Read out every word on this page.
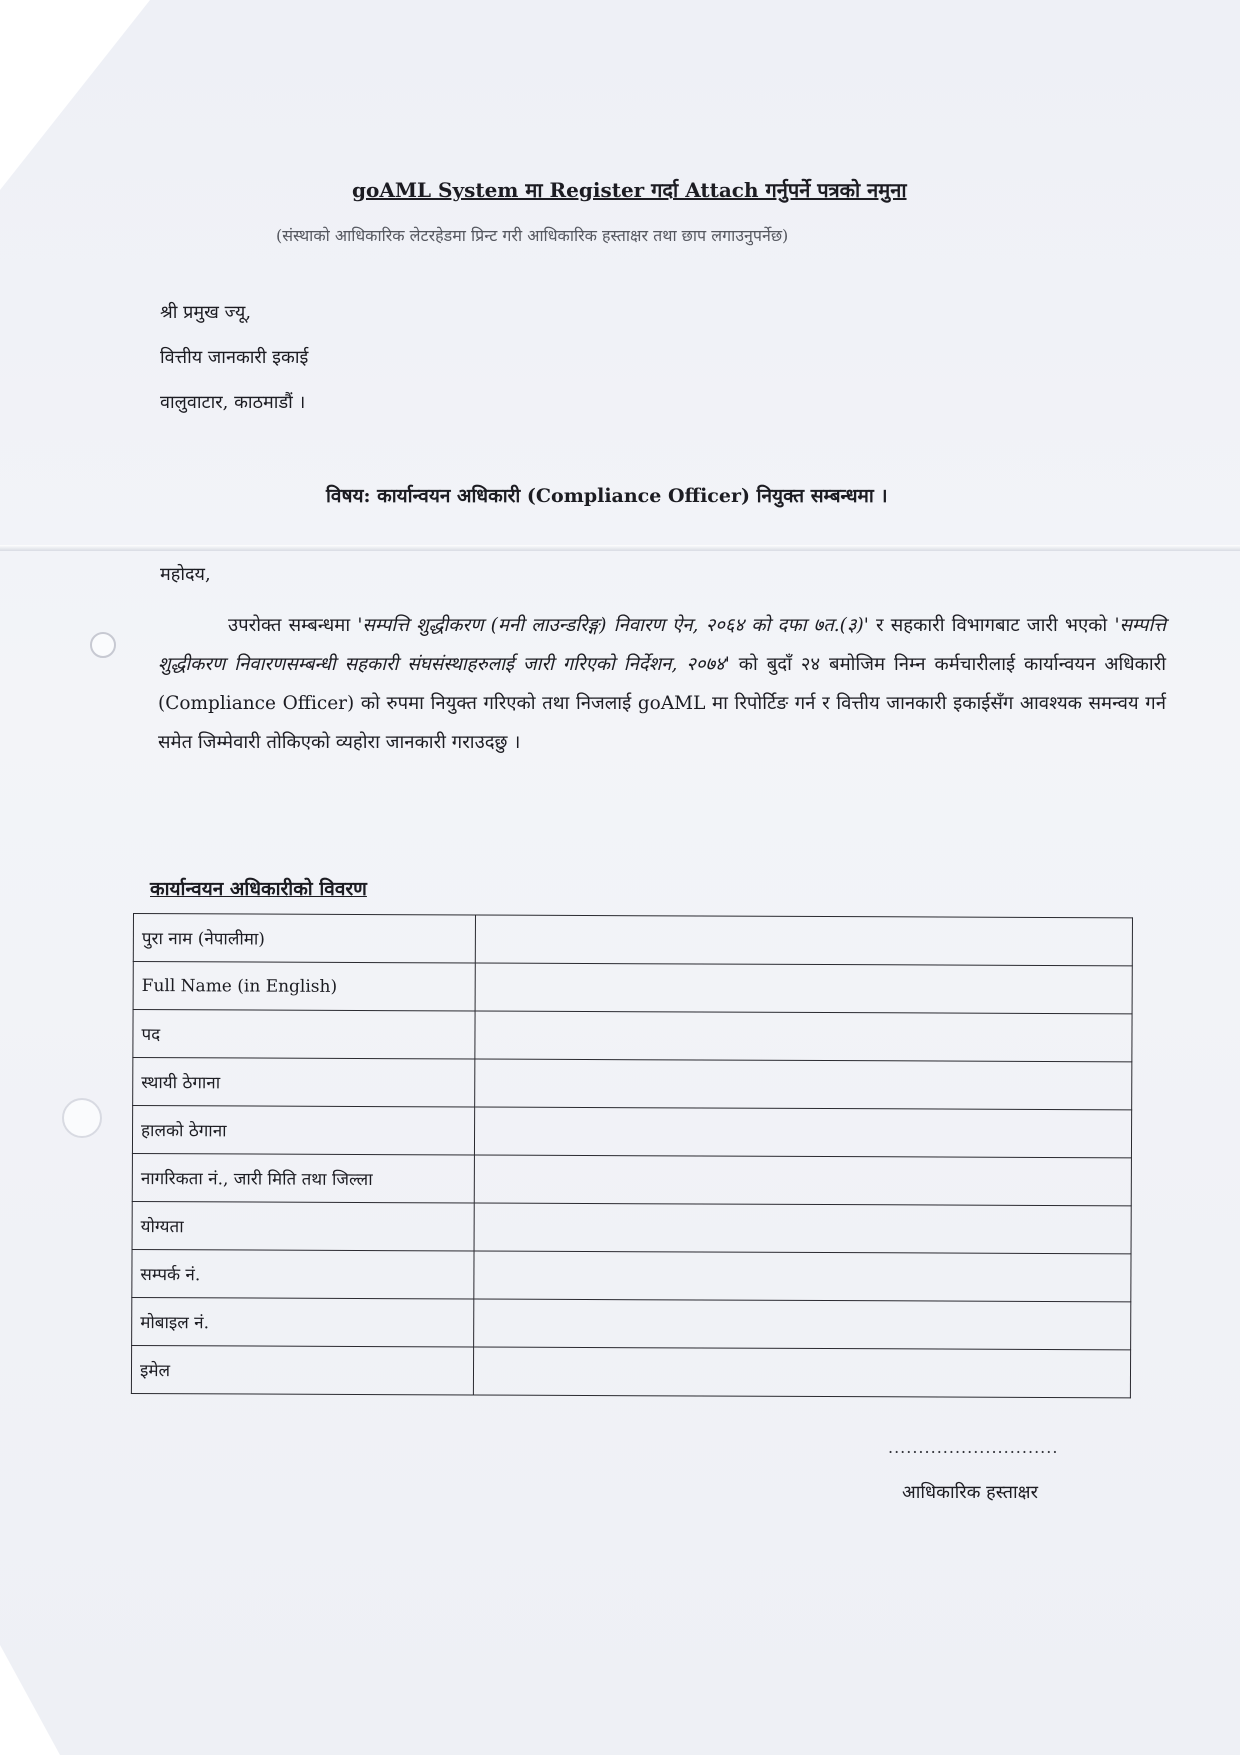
goAML System मा Register गर्दा Attach गर्नुपर्ने पत्रको नमुना
(संस्थाको आधिकारिक लेटरहेडमा प्रिन्ट गरी आधिकारिक हस्ताक्षर तथा छाप लगाउनुपर्नेछ)
श्री प्रमुख ज्यू,
वित्तीय जानकारी इकाई
वालुवाटार, काठमाडौं ।
विषय: कार्यान्वयन अधिकारी (Compliance Officer) नियुक्त सम्बन्धमा ।
महोदय,
उपरोक्त सम्बन्धमा 'सम्पत्ति शुद्धीकरण (मनी लाउन्डरिङ्ग) निवारण ऐन, २०६४ को दफा ७त.(३)' र सहकारी विभागबाट जारी भएको 'सम्पत्ति शुद्धीकरण निवारणसम्बन्धी सहकारी संघसंस्थाहरुलाई जारी गरिएको निर्देशन, २०७४' को बुदाँ २४ बमोजिम निम्न कर्मचारीलाई कार्यान्वयन अधिकारी (Compliance Officer) को रुपमा नियुक्त गरिएको तथा निजलाई goAML मा रिपोर्टिङ गर्न र वित्तीय जानकारी इकाईसँग आवश्यक समन्वय गर्न समेत जिम्मेवारी तोकिएको व्यहोरा जानकारी गराउदछु ।
कार्यान्वयन अधिकारीको विवरण
पुरा नाम (नेपालीमा)	
Full Name (in English)	
पद	
स्थायी ठेगाना	
हालको ठेगाना	
नागरिकता नं., जारी मिति तथा जिल्ला	
योग्यता	
सम्पर्क नं.	
मोबाइल नं.	
इमेल	
............................
आधिकारिक हस्ताक्षर
